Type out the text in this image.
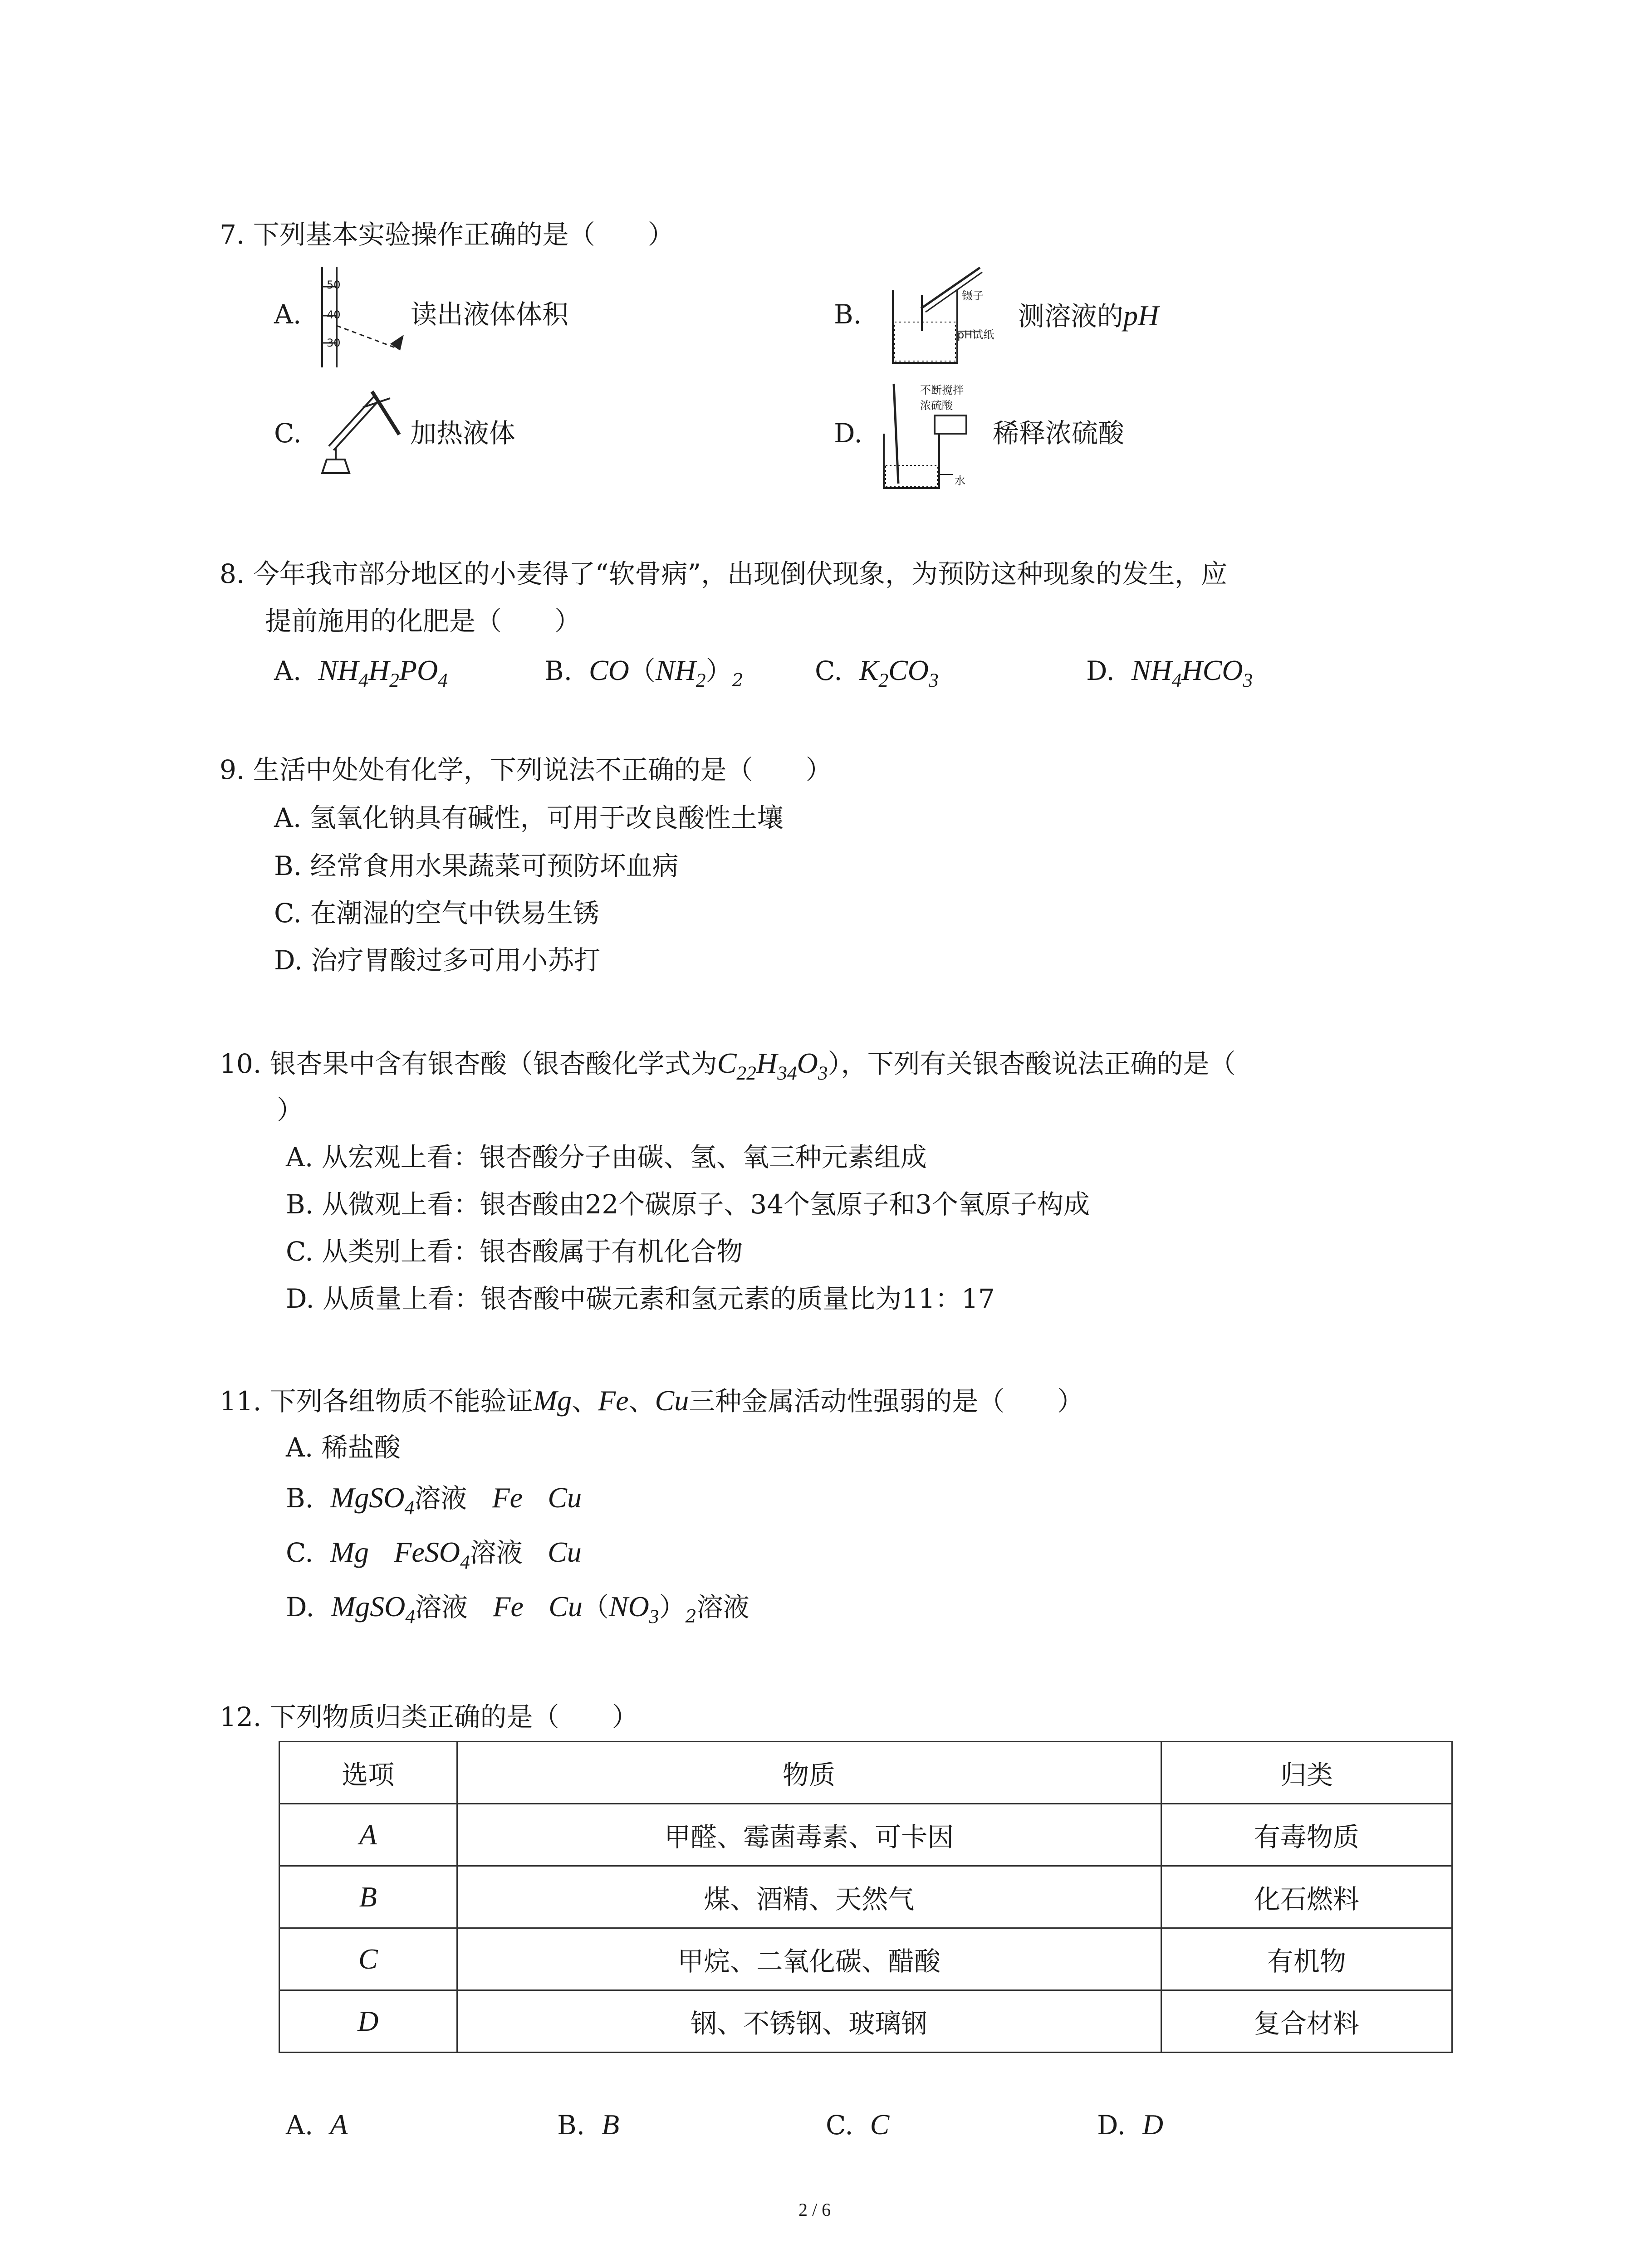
7. 下列基本实验操作正确的是（　　）
A.
50
40
30
读出液体体积	B.
镊子
pH试纸
测溶液的pH
C.	加热液体	D.
不断搅拌
浓硫酸
水
稀释浓硫酸
8. 今年我市部分地区的小麦得了“软骨病”，出现倒伏现象，为预防这种现象的发生，应
提前施用的化肥是（　　）
A. $NH_4H_2PO_4$	B. $CO(NH_2)_2$	C. $K_2CO_3$	D. $NH_4HCO_3$
9. 生活中处处有化学，下列说法不正确的是（　　）
A. 氢氧化钠具有碱性，可用于改良酸性土壤
B. 经常食用水果蔬菜可预防坏血病
C. 在潮湿的空气中铁易生锈
D. 治疗胃酸过多可用小苏打
10. 银杏果中含有银杏酸（银杏酸化学式为$C_{22}H_{34}O_3$），下列有关银杏酸说法正确的是（
）
A. 从宏观上看：银杏酸分子由碳、氢、氧三种元素组成
B. 从微观上看：银杏酸由22个碳原子、34个氢原子和3个氧原子构成
C. 从类别上看：银杏酸属于有机化合物
D. 从质量上看：银杏酸中碳元素和氢元素的质量比为11：17
11. 下列各组物质不能验证Mg、Fe、Cu三种金属活动性强弱的是（　　）
A. 稀盐酸
B. MgSO$_4$溶液 Fe Cu
C. Mg FeSO$_4$溶液 Cu
D. MgSO$_4$溶液 Fe $Cu(NO_3)_2$溶液
12. 下列物质归类正确的是（　　）
选项	物质	归类
A	甲醛、霉菌毒素、可卡因	有毒物质
B	煤、酒精、天然气	化石燃料
C	甲烷、二氧化碳、醋酸	有机物
D	钢、不锈钢、玻璃钢	复合材料
A. A	B. B	C. C	D. D
2 / 6
